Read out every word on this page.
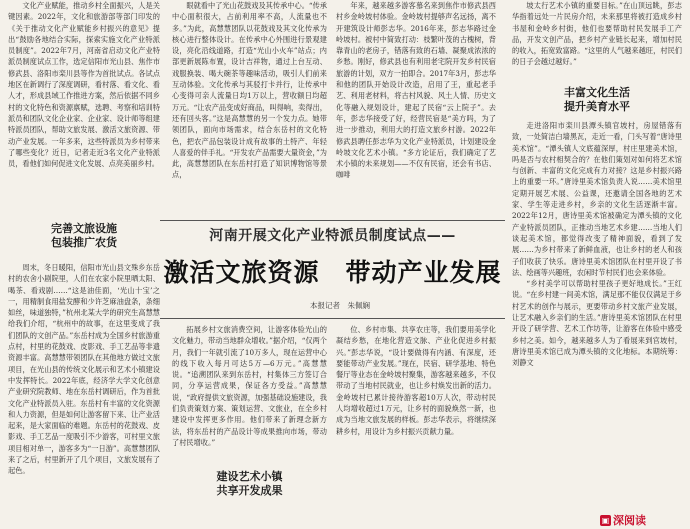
文化产业赋能，推动乡村全面振兴，人是关键因素。2022年，文化和旅游部等部门印发的《关于推动文化产业赋能乡村振兴的意见》提出“鼓励各地结合实际，探索实施文化产业特派员制度”。2022年7月，河南省启动文化产业特派员制度试点工作，选定信阳市光山县、焦作市修武县、洛阳市栾川县等作为首批试点。各试点地区在新调行了深度调研，看村落、看文化、看人才，形成县域工作推进方案，然后依据不同乡村的文化特色和资源禀赋，选聘、考察和培训特派员和团队文化企业家、企业家、设计师等组建特派员团队，帮助文旅发展、激活文旅资源、带动产业发展。一年多来，这些特派员为乡村带来了哪些变化？近日，记者走近3名文化产业特派员，看他们如何促进文化发展、点亮美丽乡村。

眼就看中了光山花鼓戏及其传承中心。“传承中心面积很大，占前利用率不高，人流量也不多。”为此，高慧慧团队以花鼓戏及其文化传承为核心进行整体设计。在传承中心外围进行景观建设，亮化沿线道路，打造“光山小火车”站点；内部更新展陈布置，设计吉祥物，通过上台互动、戏服换装、喝大碗茶等趣味活动，吸引人们前来互动体验。文化传承与其驳打卡并行，让传承中心变得可亲人流量日均1万以上，营收额日均超万元。“让农产品变成好商品，叫得响，卖得出，还有回头客。”这是高慧慧的另一个发力点。她带领团队，面向市场需求，结合东岳村的文化特色，把农产品包装设计成有故事的土特产、年轻人喜爱的伴手礼。“开发农产品需要大量资金，”为此，高慧慧团队在东岳村打造了知识博物馆等景点，

年来，越来越多游客慕名来到焦作市修武县西村乡金岭坡村体验。金岭坡村提够声名远扬，离不开建筑设计师彭志华。2016年来，彭志华路过金岭坡村。被村中简致打动：枝繁叶茂的古槐树，背靠青山的老房子，错落有致的石墙、凝聚成浓浓的乡愁。刚好，修武县也有利用老宅院开发乡村民宿旅游的计划，双方一拍即合。2017年3月，彭志华和他的团队开始设计改造，启用了王，重起老手艺、利用老材料，将古村风貌、风土人情、历史文化等融入规划设计，建起了民宿“云上院子”。去年，彭志华接受了好，经营民宿是“美方吗，为了进一步推动，利用大的打造文旅乡村游。2022年修武县聘任彭志华为文化产业特派员，计划建设金岭坡文化艺术小镇。“多方论证后，我们确定了艺术小镇的未来规划——不仅有民宿，还会有书店、咖啡

坡太行艺术小镇的重要目标。”在山顶远眺，彭志华指着远处一片民房介绍，未来那里将被打造成乡村书屋和金岭乡村街，他们也要帮助村民发展手工产品，开发文创产品，把乡村产业链长起来，增加村民的收入，拓宽致富路。“这里的人气越来越旺，村民们的日子会越过越好。”

丰富文化生活
提升美育水平

走进洛阳市栾川县潭头镇官坡村，房屋错落有致，一处简洁白墙黑瓦，走近一看，门头写着“唐诗里美术馆”。“潭头镇人文底蕴深厚，村庄里建美术馆，吗是否与农村相契合的？在他们策划对如何将艺术馆与创新、丰富的文化完成有力对接？这是乡村振兴路上的重要一环。”唐诗里美术馆负责人说……美术馆里定期开展艺术展、公益课，还邀请全国各地的艺术家、学生等走进乡村，乡亲的文化生活逐渐丰富。2022年12月，唐诗里美术馆被确定为潭头镇的文化产业特派员团队，正推动当地艺术乡建……当地人们谈起美术馆，都觉得改变了精神面貌，看到了发展……为乡村带来了新鲜血液，也让乡村的老人和孩子们收获了快乐。唐诗里美术馆团队在村里开设了书法、绘画等兴趣班，农闲时节村民们也会来体验。

“乡村美学可以帮助村里孩子更好地成长。”王红说。“在乡村建一间美术馆，满足那不能仅仅满足于乡村艺术的创作与展示，更要带动乡村文旅产业发展，让艺术融入乡亲们的生活。”唐诗里美术馆团队在村里开设了研学营、艺术工作坊等，让游客在体验中感受乡村之美。如今，越来越多人为了看展来到官坡村，唐诗里美术馆已成为潭头镇的文化地标。本期统筹：刘静文

河南开展文化产业特派员制度试点——
激活文旅资源　带动产业发展
本报记者　朱佩娴
完善文旅设施
包装推广农货

周末，冬日暖阳，信阳市光山县文殊乡东岳村的农舍小剧院里，人们在农家小院里晒太阳、喝茶、看戏剧……“这是油佳面，‘光山十宝’之一，用精制食用盐发酵和少许芝麻油盘条，条细如丝，味道独特，”杭州北某大学的研究生高慧慧给我们介绍，“杭州中的故事，在这里变成了我们团队的文创产品。”东岳村成为全国乡村旅游重点村，村里的花鼓戏、皮影戏、手工艺品等非遗资源丰富。高慧慧带领团队在其他地方做过文旅项目，在光山县的传统文化展示和艺术小镇建设中发挥特长。2022年底，经济学大学文化创意产业研究院教师、地在东岳村调研后，作为首批文化产业特派员入驻。东岳村有丰富的文化资源和人力资源，但是如何让游客留下来、让产业活起来，是大家面临的难题。东岳村的花鼓戏、皮影戏、手工艺品一度吸引不少游客，可村里文旅项目相对单一，游客多为“一日游”。高慧慧团队来了之后，村里新开了几个项目，文旅发展有了起色。

拓展乡村文旅消费空间，让游客体验光山的文化魅力，带动当地群众增收。”据介绍，“仅两个月，我们一年就引流了10万多人，现在运营中心的线下收入每月可达5万—6万元。”高慧慧说。“追溯团队来到东岳村，村集体三方签订合同，分享运营成果，保证各方受益。”高慧慧说，“政府提供文旅资源，加强基础设施建设，我们负责策划方案、策划运营、文旅业，在全乡村建设中发挥更多作用。他们带来了新理念新方法，将东岳村的产品设计等成果推向市场，带动了村民增收。”

建设艺术小镇
共享开发成果

位、乡村市集、共享农庄等，我们要用美学化凝结乡愁，在地化营造文脉、产业化促进乡村振兴。”彭志华说，“设计要做得有内涵、有深度，还要能带动产业发展。”现在，民宿、研学基地、特色餐厅等业态在金岭坡村聚集，游客越来越多，不仅带动了当地村民就业，也让乡村焕发出新的活力。金岭坡村已累计接待游客超10万人次，带动村民人均增收超过1万元，让乡村的面貌焕然一新，也成为当地文旅发展的样板。彭志华表示，将继续深耕乡村，用设计为乡村振兴贡献力量。

▣ 深阅读
